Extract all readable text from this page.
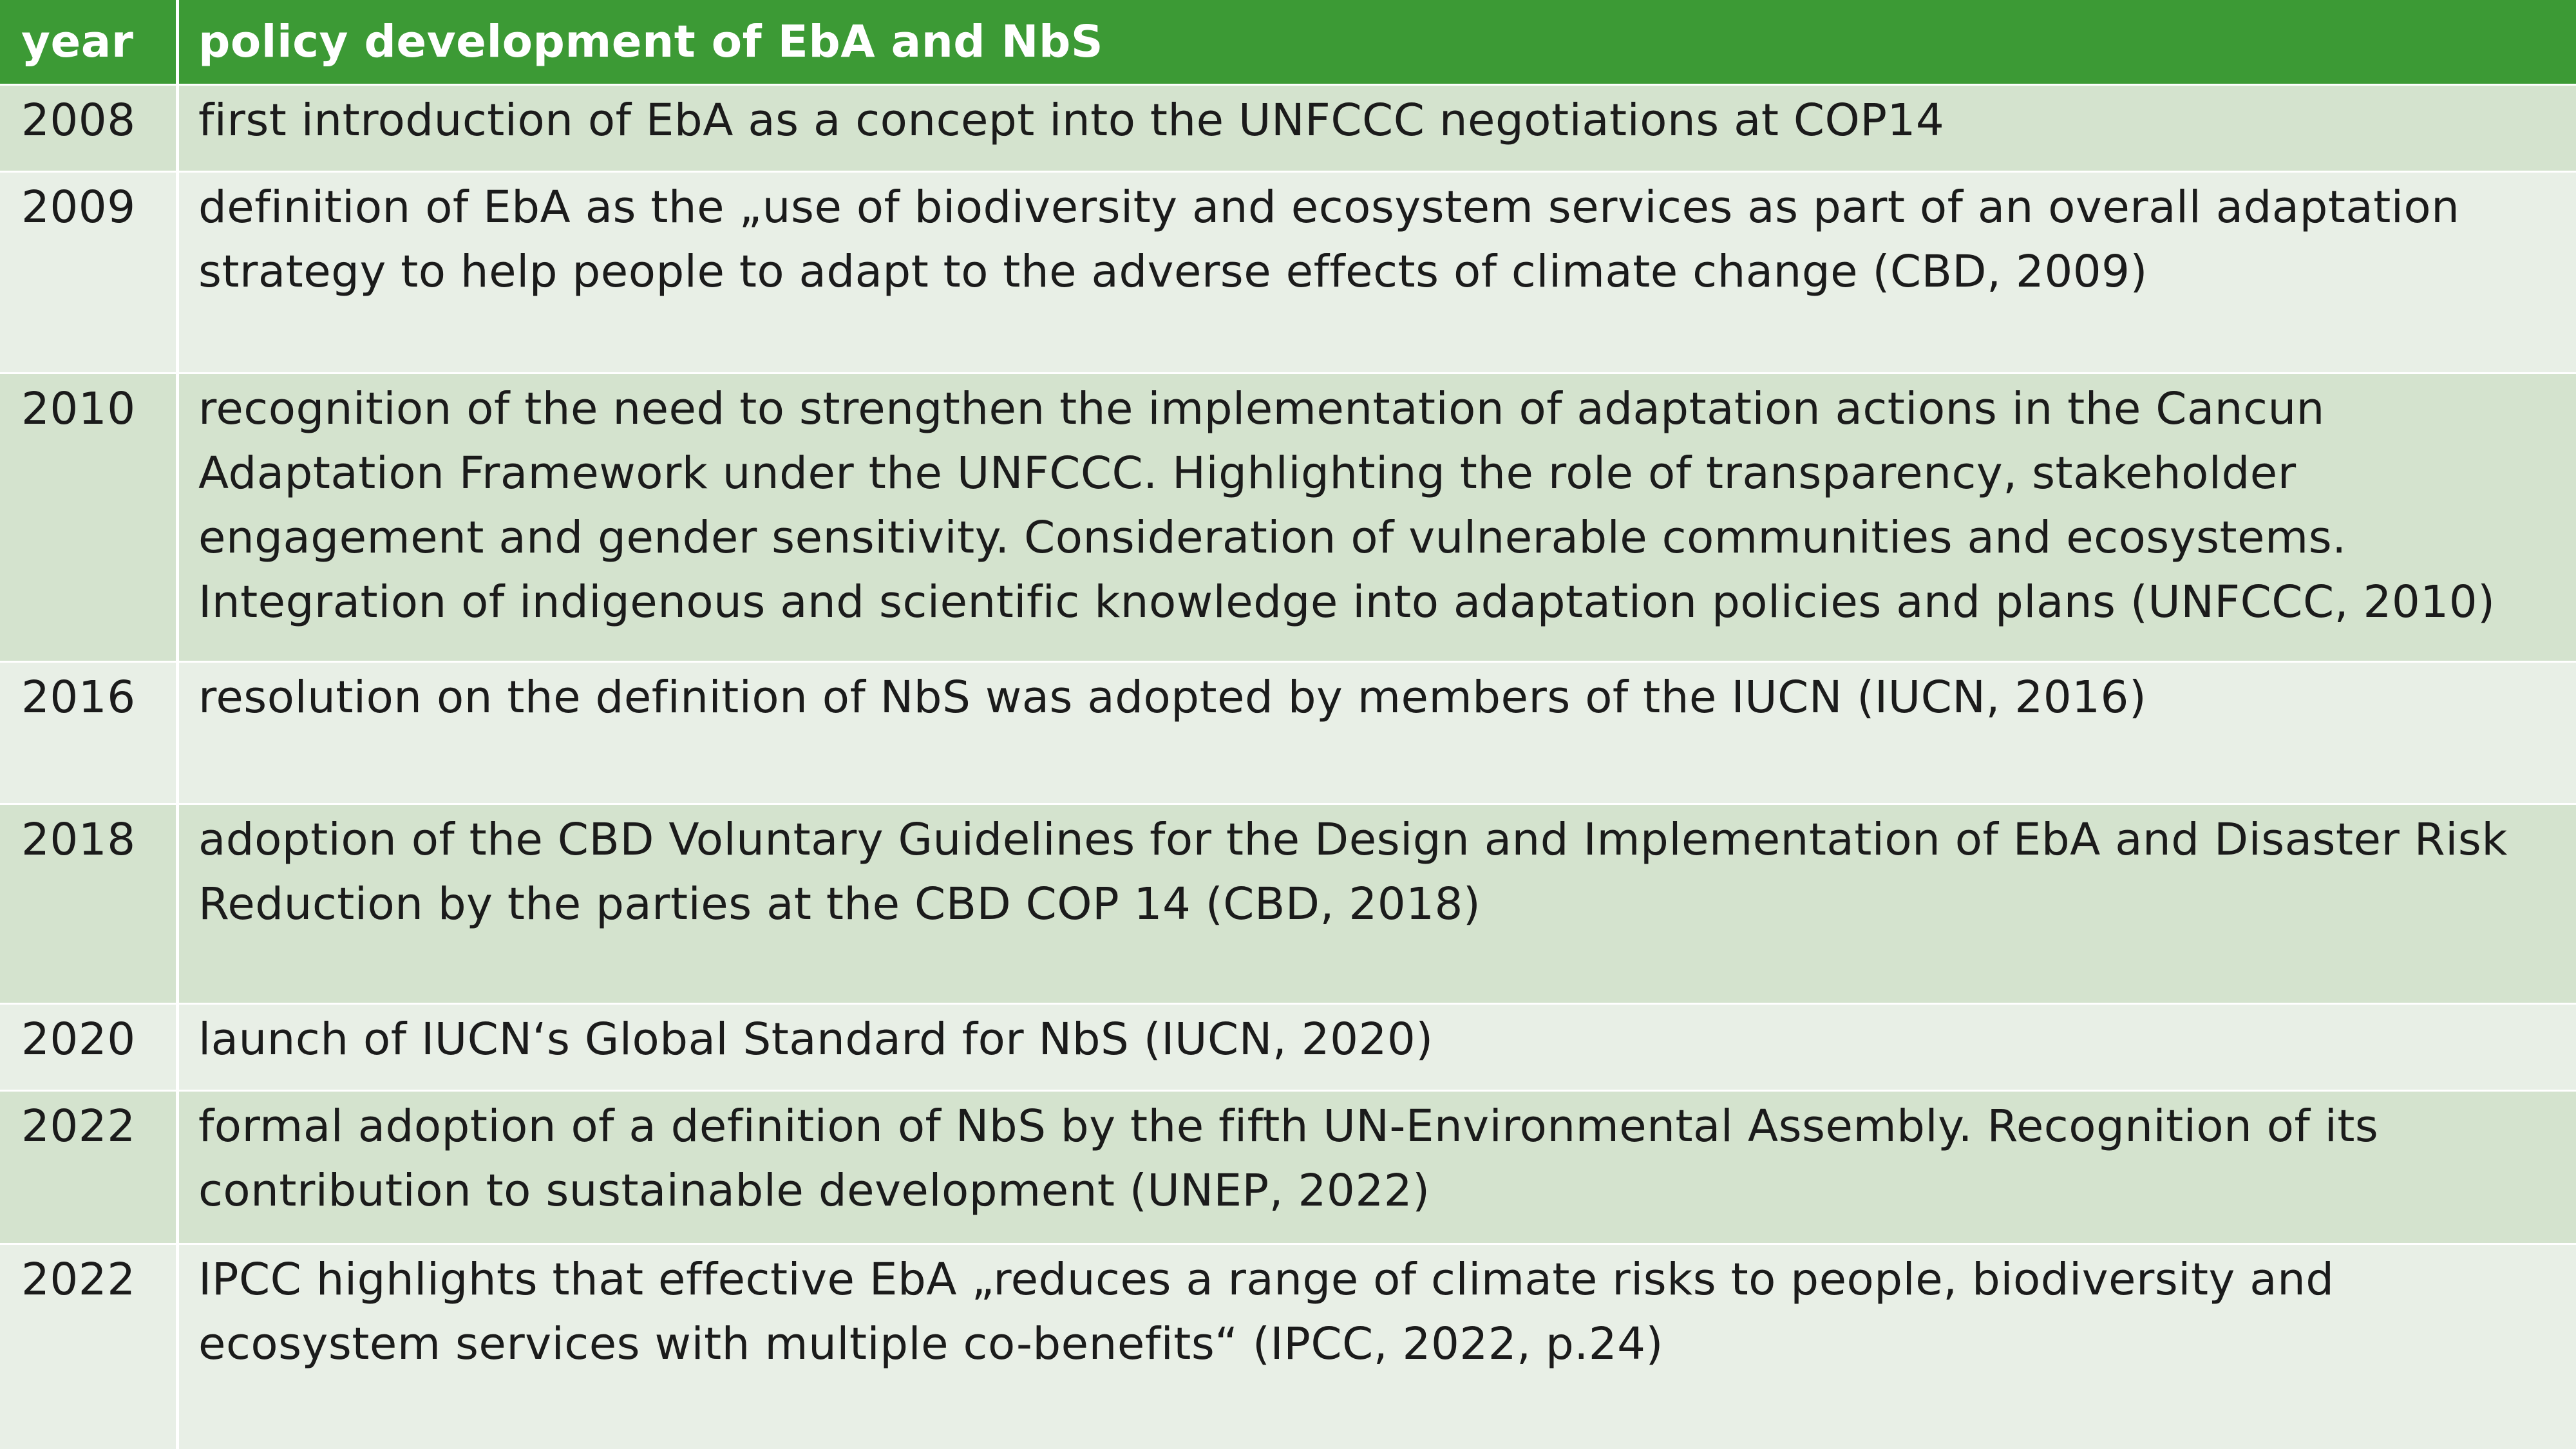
year	policy development of EbA and NbS
2008	first introduction of EbA as a concept into the UNFCCC negotiations at COP14
2009	definition of EbA as the „use of biodiversity and ecosystem services as part of an overall adaptation strategy to help people to adapt to the adverse effects of climate change (CBD, 2009)
2010	recognition of the need to strengthen the implementation of adaptation actions in the Cancun Adaptation Framework under the UNFCCC. Highlighting the role of transparency, stakeholder engagement and gender sensitivity. Consideration of vulnerable communities and ecosystems. Integration of indigenous and scientific knowledge into adaptation policies and plans (UNFCCC, 2010)
2016	resolution on the definition of NbS was adopted by members of the IUCN (IUCN, 2016)
2018	adoption of the CBD Voluntary Guidelines for the Design and Implementation of EbA and Disaster Risk Reduction by the parties at the CBD COP 14 (CBD, 2018)
2020	launch of IUCN‘s Global Standard for NbS (IUCN, 2020)
2022	formal adoption of a definition of NbS by the fifth UN-Environmental Assembly. Recognition of its contribution to sustainable development (UNEP, 2022)
2022	IPCC highlights that effective EbA „reduces a range of climate risks to people, biodiversity and ecosystem services with multiple co-benefits“ (IPCC, 2022, p.24)
